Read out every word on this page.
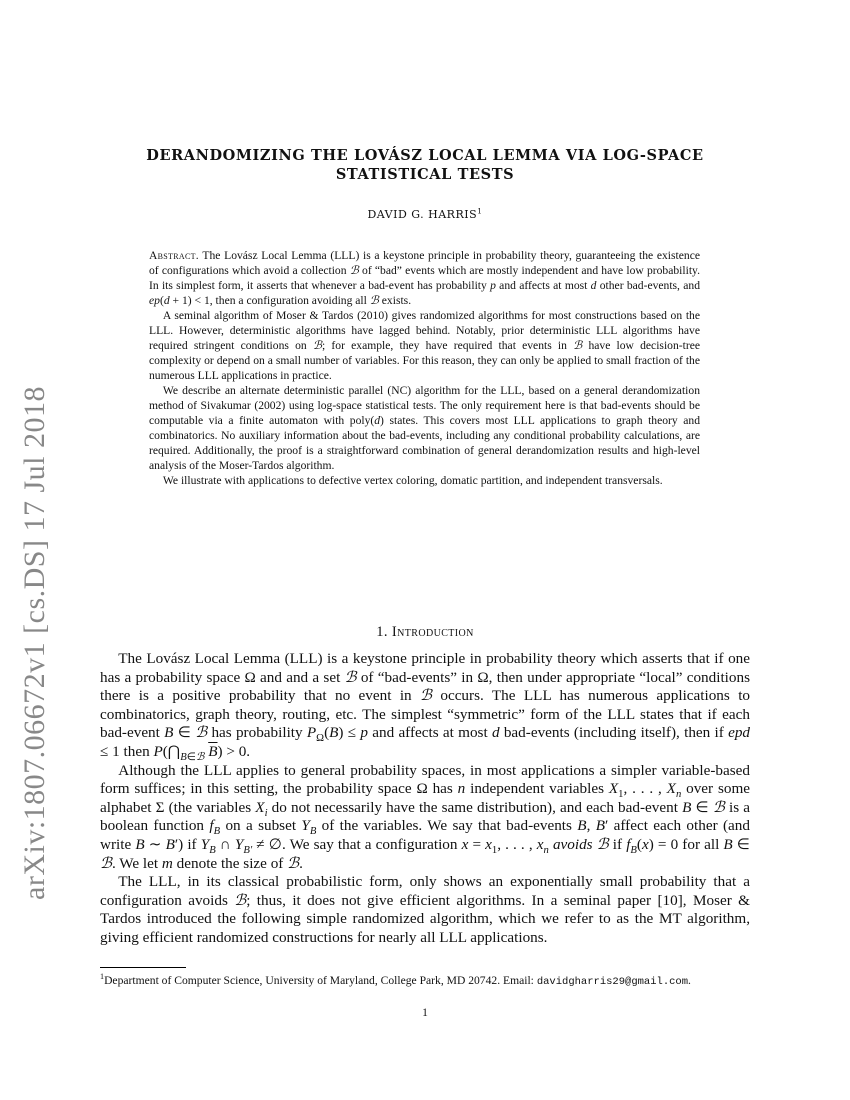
arXiv:1807.06672v1 [cs.DS] 17 Jul 2018
DERANDOMIZING THE LOVÁSZ LOCAL LEMMA VIA LOG-SPACE
STATISTICAL TESTS
DAVID G. HARRIS$^1$

Abstract. The Lovász Local Lemma (LLL) is a keystone principle in probability theory, guaranteeing the existence of configurations which avoid a collection ℬ of “bad” events which are mostly independent and have low probability. In its simplest form, it asserts that whenever a bad-event has probability p and affects at most d other bad-events, and ep(d + 1) < 1, then a configuration avoiding all ℬ exists.

A seminal algorithm of Moser & Tardos (2010) gives randomized algorithms for most constructions based on the LLL. However, deterministic algorithms have lagged behind. Notably, prior deterministic LLL algorithms have required stringent conditions on ℬ; for example, they have required that events in ℬ have low decision-tree complexity or depend on a small number of variables. For this reason, they can only be applied to small fraction of the numerous LLL applications in practice.

We describe an alternate deterministic parallel (NC) algorithm for the LLL, based on a general derandomization method of Sivakumar (2002) using log-space statistical tests. The only requirement here is that bad-events should be computable via a finite automaton with poly(d) states. This covers most LLL applications to graph theory and combinatorics. No auxiliary information about the bad-events, including any conditional probability calculations, are required. Additionally, the proof is a straightforward combination of general derandomization results and high-level analysis of the Moser-Tardos algorithm.

We illustrate with applications to defective vertex coloring, domatic partition, and independent transversals.

1. Introduction

The Lovász Local Lemma (LLL) is a keystone principle in probability theory which asserts that if one has a probability space Ω and and a set ℬ of “bad-events” in Ω, then under appropriate “local” conditions there is a positive probability that no event in ℬ occurs. The LLL has numerous applications to combinatorics, graph theory, routing, etc. The simplest “symmetric” form of the LLL states that if each bad-event B ∈ ℬ has probability $P_\Omega(B) \le p$ and affects at most d bad-events (including itself), then if epd ≤ 1 then $P(⋂_{B\in ℬ}$ $\overline{B}) > 0$.

Although the LLL applies to general probability spaces, in most applications a simpler variable-based form suffices; in this setting, the probability space Ω has n independent variables $X_1$, . . . , $X_n$ over some alphabet Σ (the variables $X_i$ do not necessarily have the same distribution), and each bad-event B ∈ ℬ is a boolean function $f_B$ on a subset $Y_B$ of the variables. We say that bad-events B, B′ affect each other (and write B ∼ B′) if $Y_B$ ∩ $Y_{B'}$ ≠ ∅. We say that a configuration $x = x_1$, . . . , $x_n$ avoids ℬ if $f_B(x) = 0$ for all B ∈ ℬ. We let m denote the size of ℬ.

The LLL, in its classical probabilistic form, only shows an exponentially small probability that a configuration avoids ℬ; thus, it does not give efficient algorithms. In a seminal paper [10], Moser & Tardos introduced the following simple randomized algorithm, which we refer to as the MT algorithm, giving efficient randomized constructions for nearly all LLL applications.

$^1$Department of Computer Science, University of Maryland, College Park, MD 20742. Email: davidgharris29@gmail.com.
1
